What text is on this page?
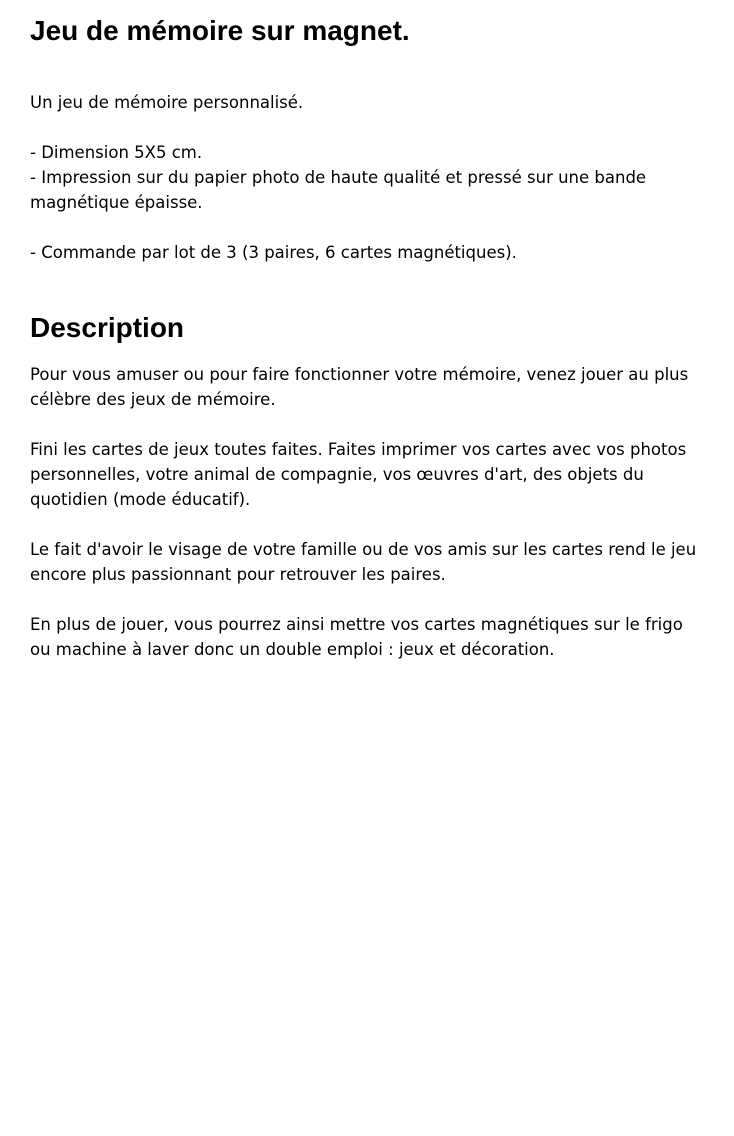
Jeu de mémoire sur magnet.

Un jeu de mémoire personnalisé.

- Dimension 5X5 cm.
- Impression sur du papier photo de haute qualité et pressé sur une bande magnétique épaisse.

- Commande par lot de 3 (3 paires, 6 cartes magnétiques).

Description

Pour vous amuser ou pour faire fonctionner votre mémoire, venez jouer au plus célèbre des jeux de mémoire.

Fini les cartes de jeux toutes faites. Faites imprimer vos cartes avec vos photos personnelles, votre animal de compagnie, vos œuvres d'art, des objets du quotidien (mode éducatif).

Le fait d'avoir le visage de votre famille ou de vos amis sur les cartes rend le jeu encore plus passionnant pour retrouver les paires.

En plus de jouer, vous pourrez ainsi mettre vos cartes magnétiques sur le frigo ou machine à laver donc un double emploi : jeux et décoration.
